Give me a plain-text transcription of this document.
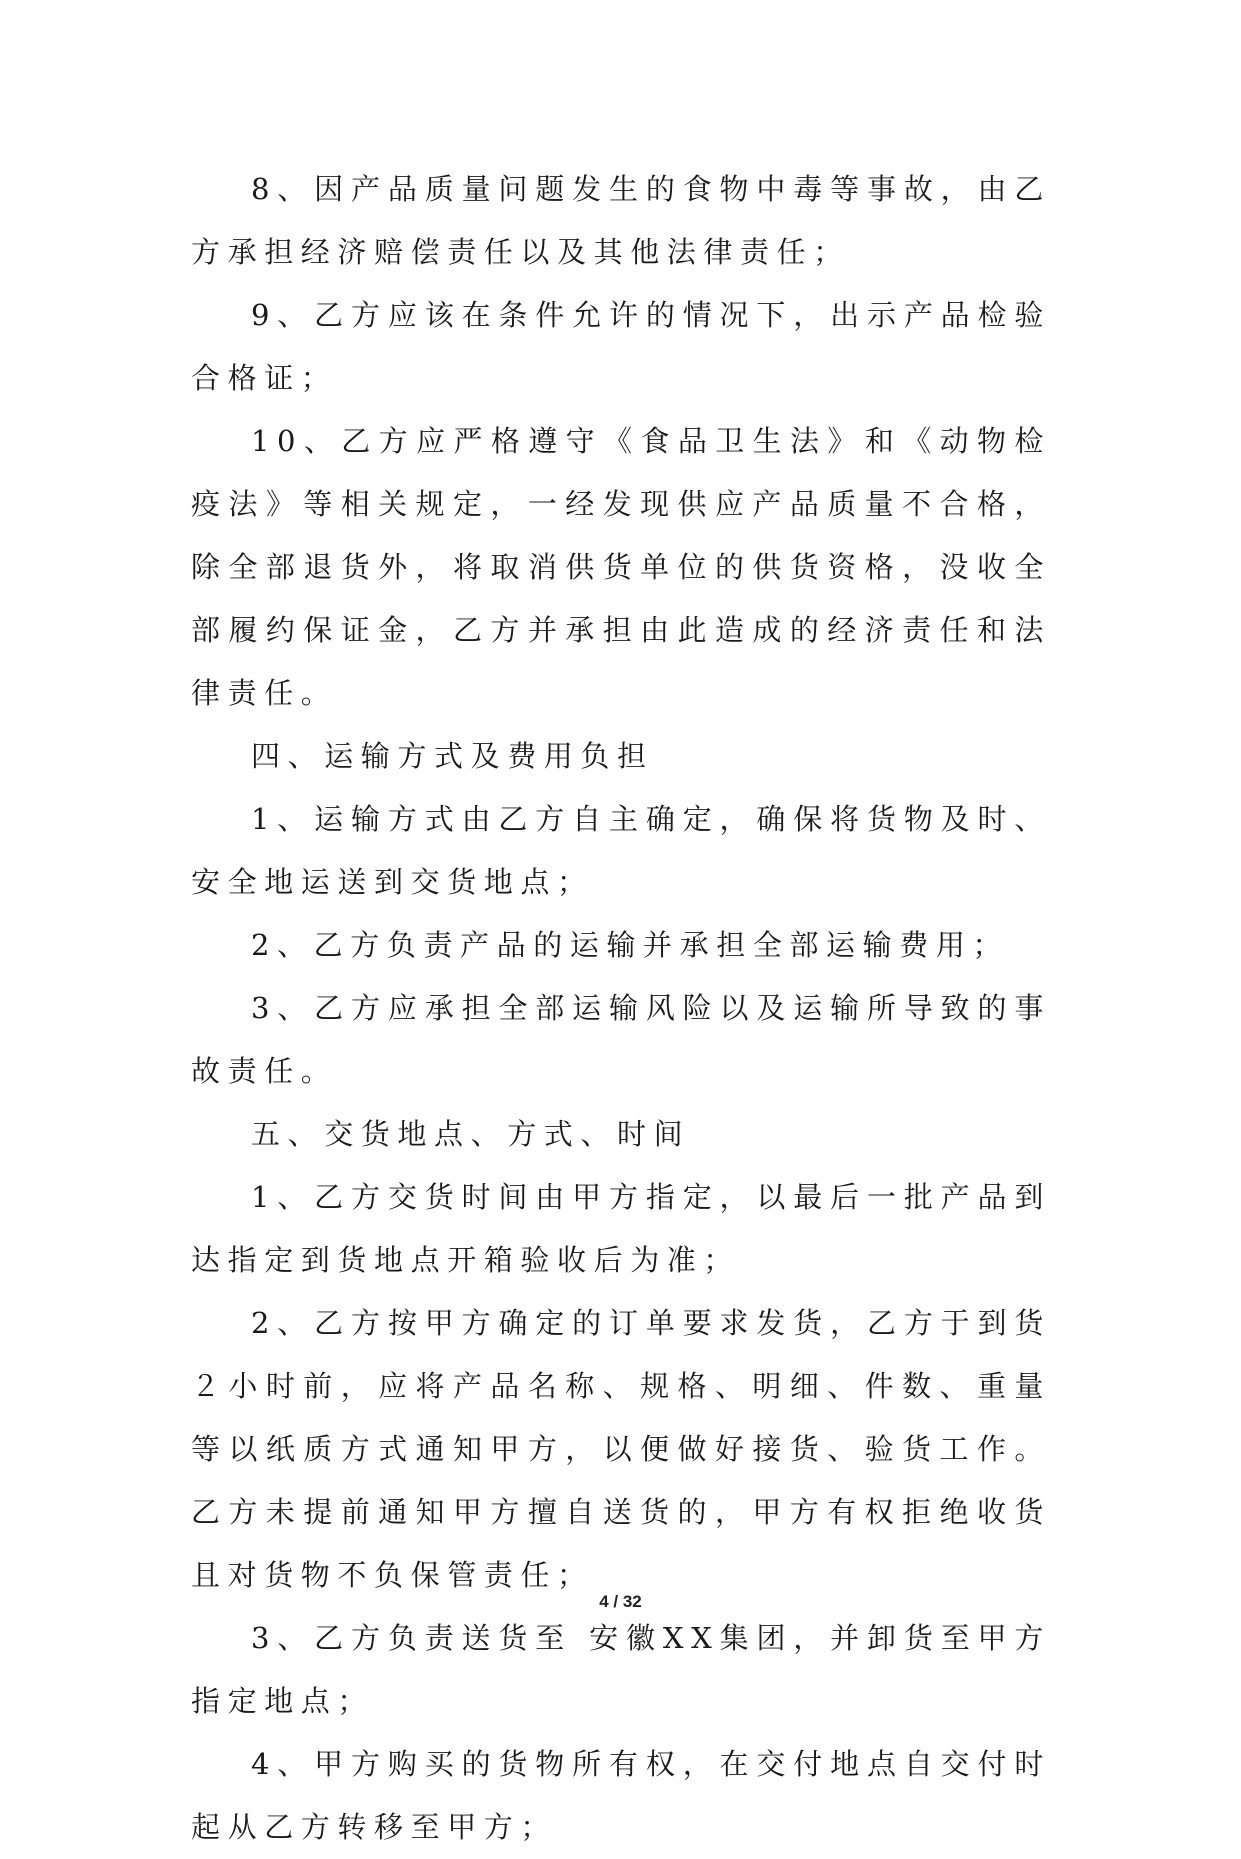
8、因产品质量问题发生的食物中毒等事故，由乙方承担经济赔偿责任以及其他法律责任；

9、乙方应该在条件允许的情况下，出示产品检验合格证；

10、乙方应严格遵守《食品卫生法》和《动物检疫法》等相关规定，一经发现供应产品质量不合格，除全部退货外，将取消供货单位的供货资格，没收全部履约保证金，乙方并承担由此造成的经济责任和法律责任。

四、运输方式及费用负担

1、运输方式由乙方自主确定，确保将货物及时、安全地运送到交货地点；

2、乙方负责产品的运输并承担全部运输费用；

3、乙方应承担全部运输风险以及运输所导致的事故责任。

五、交货地点、方式、时间

1、乙方交货时间由甲方指定，以最后一批产品到达指定到货地点开箱验收后为准；

2、乙方按甲方确定的订单要求发货，乙方于到货２小时前，应将产品名称、规格、明细、件数、重量等以纸质方式通知甲方，以便做好接货、验货工作。乙方未提前通知甲方擅自送货的，甲方有权拒绝收货且对货物不负保管责任；

3、乙方负责送货至 安徽XX集团，并卸货至甲方指定地点；

4、甲方购买的货物所有权，在交付地点自交付时起从乙方转移至甲方；

4 / 32
